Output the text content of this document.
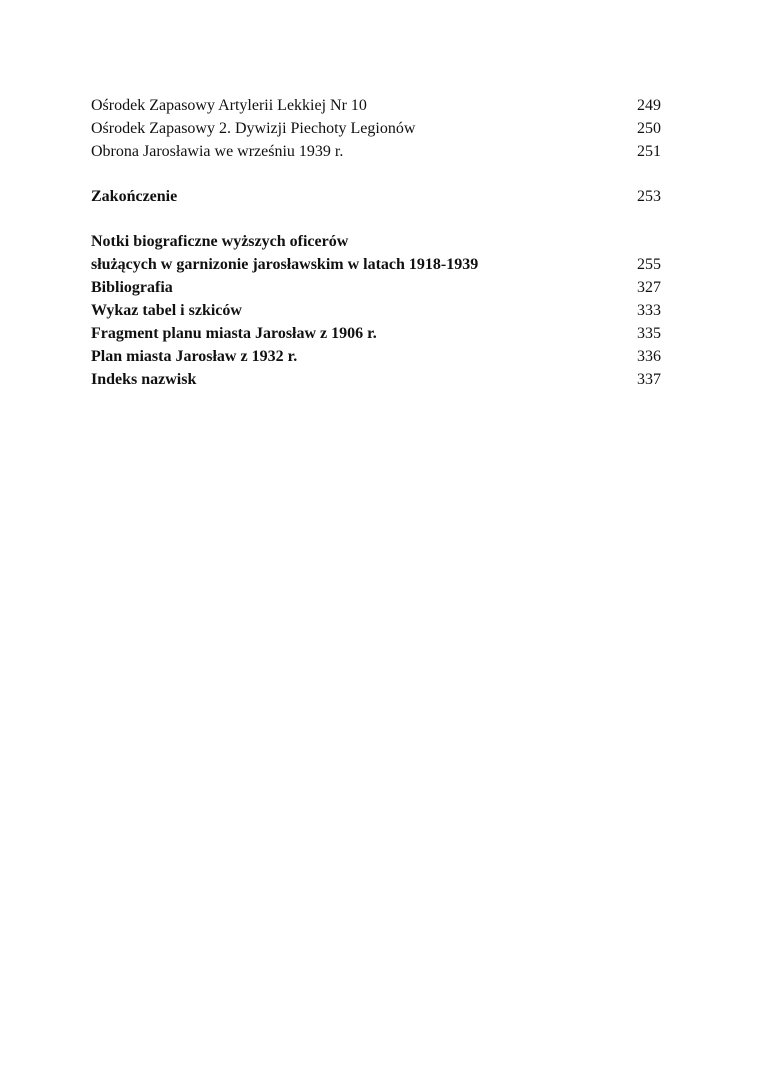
Ośrodek Zapasowy Artylerii Lekkiej Nr 10	249
Ośrodek Zapasowy 2. Dywizji Piechoty Legionów	250
Obrona Jarosławia we wrześniu 1939 r.	251
Zakończenie	253
Notki biograficzne wyższych oficerów
służących w garnizonie jarosławskim w latach 1918-1939	255
Bibliografia	327
Wykaz tabel i szkiców	333
Fragment planu miasta Jarosław z 1906 r.	335
Plan miasta Jarosław z 1932 r.	336
Indeks nazwisk	337
